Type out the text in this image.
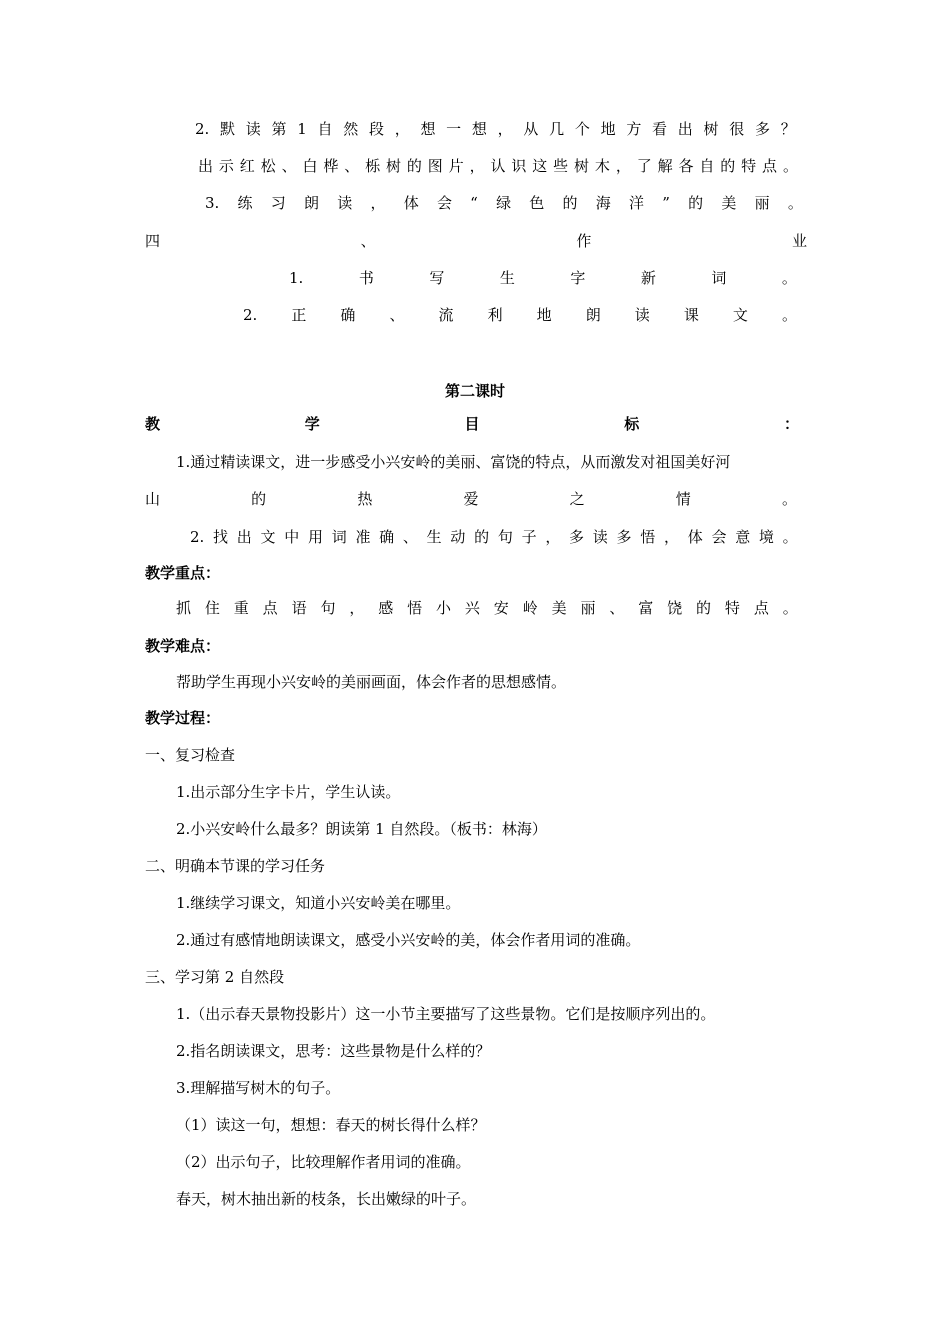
2. 默 读 第 1 自 然 段 ， 想 一 想 ， 从 几 个 地 方 看 出 树 很 多 ？
出 示 红 松 、 白 桦 、 栎 树 的 图 片 ， 认 识 这 些 树 木 ， 了 解 各 自 的 特 点 。
3. 练 习 朗 读 ， 体 会 “ 绿 色 的 海 洋 ” 的 美 丽 。
四	、	作	业
1.	书	写	生	字	新	词	。
2. 正 确 、 流 利 地 朗 读 课 文 。
第二课时
教	学	目	标	：
1.通过精读课文，进一步感受小兴安岭的美丽、富饶的特点，从而激发对祖国美好河
山	的	热	爱	之	情	。
2. 找 出 文 中 用 词 准 确 、 生 动 的 句 子 ， 多 读 多 悟 ， 体 会 意 境 。
教学重点：
抓 住 重 点 语 句 ， 感 悟 小 兴 安 岭 美 丽 、 富 饶 的 特 点 。
教学难点：
帮助学生再现小兴安岭的美丽画面，体会作者的思想感情。
教学过程：
一、复习检查
1.出示部分生字卡片，学生认读。
2.小兴安岭什么最多？朗读第 1 自然段。（板书：林海）
二、明确本节课的学习任务
1.继续学习课文，知道小兴安岭美在哪里。
2.通过有感情地朗读课文，感受小兴安岭的美，体会作者用词的准确。
三、学习第 2 自然段
1.（出示春天景物投影片）这一小节主要描写了这些景物。它们是按顺序列出的。
2.指名朗读课文，思考：这些景物是什么样的？
3.理解描写树木的句子。
（1）读这一句，想想：春天的树长得什么样？
（2）出示句子，比较理解作者用词的准确。
春天，树木抽出新的枝条，长出嫩绿的叶子。
